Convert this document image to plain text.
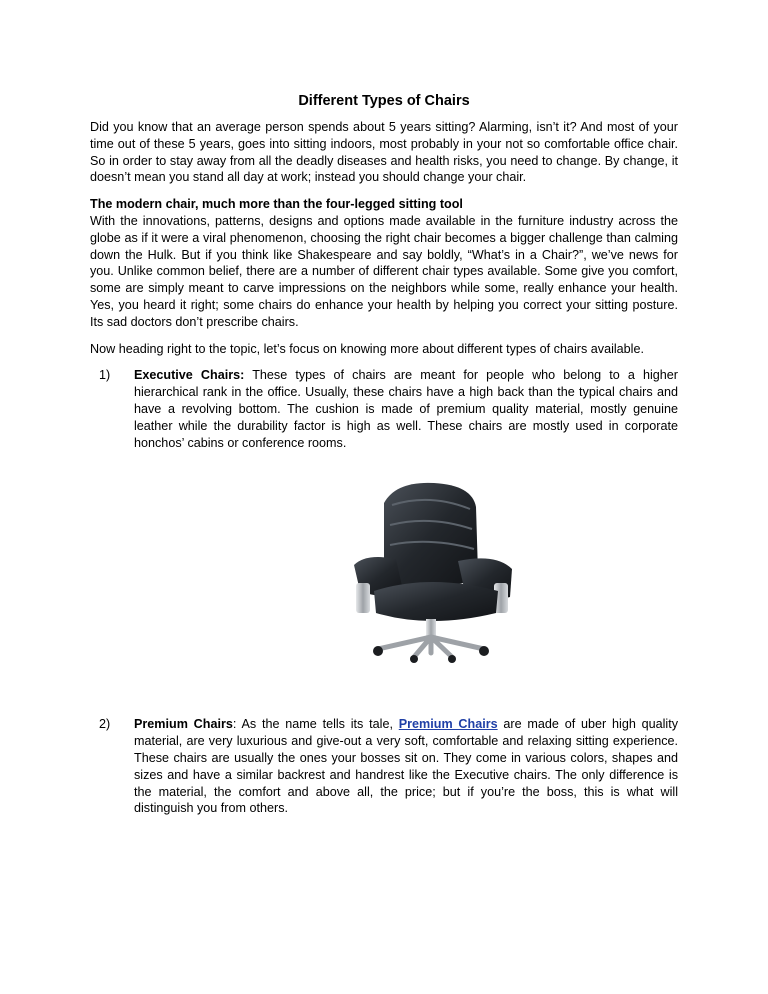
Different Types of Chairs

Did you know that an average person spends about 5 years sitting? Alarming, isn’t it? And most of your time out of these 5 years, goes into sitting indoors, most probably in your not so comfortable office chair. So in order to stay away from all the deadly diseases and health risks, you need to change. By change, it doesn’t mean you stand all day at work; instead you should change your chair.

The modern chair, much more than the four-legged sitting tool
With the innovations, patterns, designs and options made available in the furniture industry across the globe as if it were a viral phenomenon, choosing the right chair becomes a bigger challenge than calming down the Hulk. But if you think like Shakespeare and say boldly, “What’s in a Chair?”, we’ve news for you. Unlike common belief, there are a number of different chair types available. Some give you comfort, some are simply meant to carve impressions on the neighbors while some, really enhance your health. Yes, you heard it right; some chairs do enhance your health by helping you correct your sitting posture. Its sad doctors don’t prescribe chairs.

Now heading right to the topic, let’s focus on knowing more about different types of chairs available.

1) Executive Chairs: These types of chairs are meant for people who belong to a higher hierarchical rank in the office. Usually, these chairs have a high back than the typical chairs and have a revolving bottom. The cushion is made of premium quality material, mostly genuine leather while the durability factor is high as well. These chairs are mostly used in corporate honchos’ cabins or conference rooms.
2) Premium Chairs: As the name tells its tale, Premium Chairs are made of uber high quality material, are very luxurious and give-out a very soft, comfortable and relaxing sitting experience. These chairs are usually the ones your bosses sit on. They come in various colors, shapes and sizes and have a similar backrest and handrest like the Executive chairs. The only difference is the material, the comfort and above all, the price; but if you’re the boss, this is what will distinguish you from others.
